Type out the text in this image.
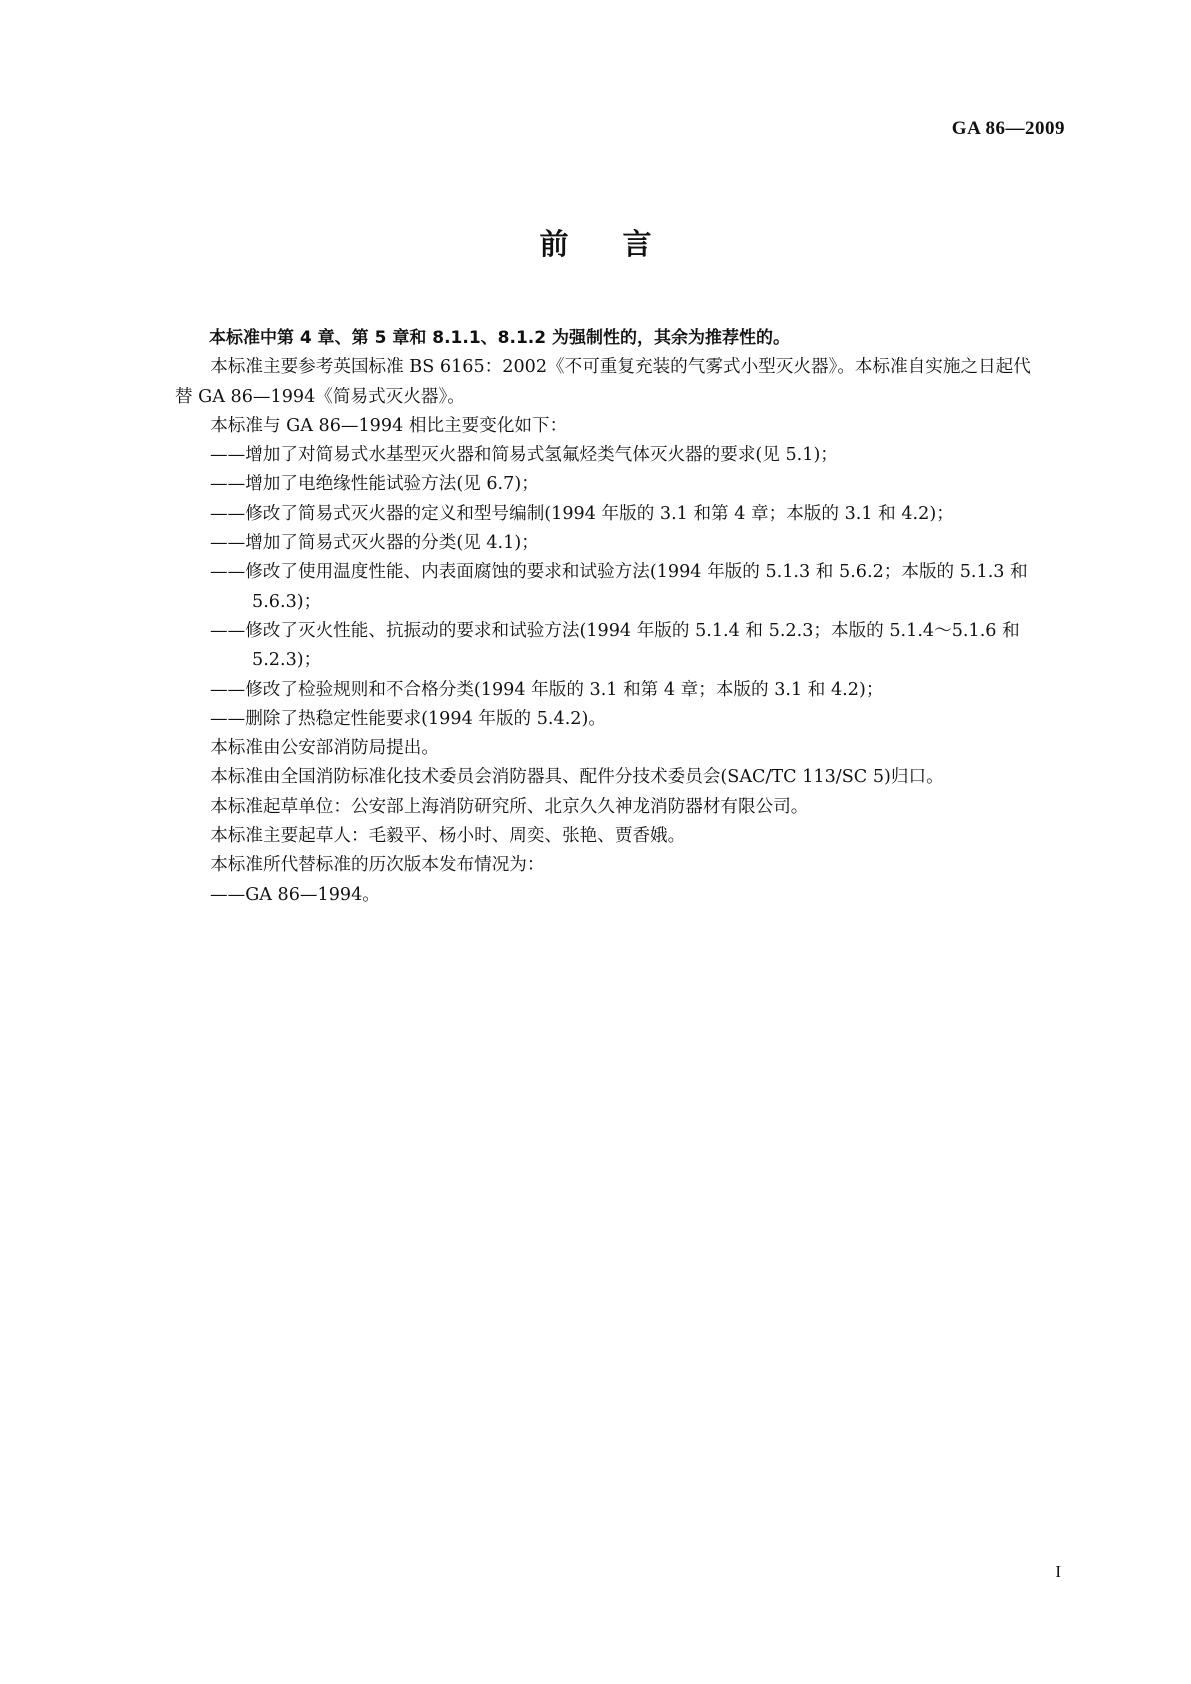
GA 86—2009
前言

本标准中第 4 章、第 5 章和 8.1.1、8.1.2 为强制性的，其余为推荐性的。

本标准主要参考英国标准 BS 6165：2002《不可重复充装的气雾式小型灭火器》。本标准自实施之日起代替 GA 86—1994《简易式灭火器》。

本标准与 GA 86—1994 相比主要变化如下：

——增加了对简易式水基型灭火器和简易式氢氟烃类气体灭火器的要求(见 5.1)；

——增加了电绝缘性能试验方法(见 6.7)；

——修改了简易式灭火器的定义和型号编制(1994 年版的 3.1 和第 4 章；本版的 3.1 和 4.2)；

——增加了简易式灭火器的分类(见 4.1)；

——修改了使用温度性能、内表面腐蚀的要求和试验方法(1994 年版的 5.1.3 和 5.6.2；本版的 5.1.3 和 5.6.3)；

——修改了灭火性能、抗振动的要求和试验方法(1994 年版的 5.1.4 和 5.2.3；本版的 5.1.4～5.1.6 和 5.2.3)；

——修改了检验规则和不合格分类(1994 年版的 3.1 和第 4 章；本版的 3.1 和 4.2)；

——删除了热稳定性能要求(1994 年版的 5.4.2)。

本标准由公安部消防局提出。

本标准由全国消防标准化技术委员会消防器具、配件分技术委员会(SAC/TC 113/SC 5)归口。

本标准起草单位：公安部上海消防研究所、北京久久神龙消防器材有限公司。

本标准主要起草人：毛毅平、杨小时、周奕、张艳、贾香娥。

本标准所代替标准的历次版本发布情况为：

——GA 86—1994。

I
